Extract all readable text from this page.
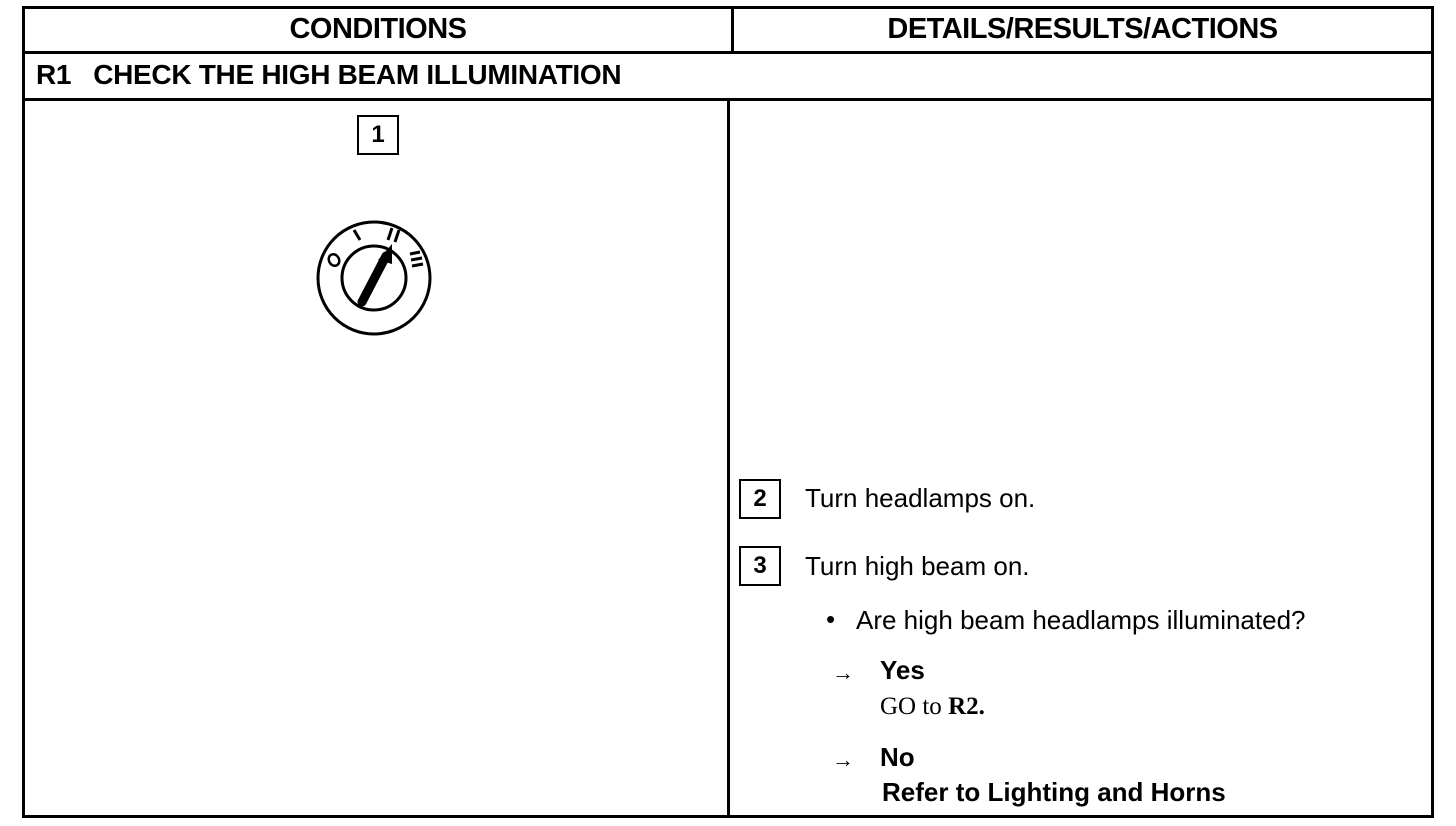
CONDITIONS	DETAILS/RESULTS/ACTIONS
R1 CHECK THE HIGH BEAM ILLUMINATION
1
2	Turn headlamps on.
3	Turn high beam on.
• Are high beam headlamps illuminated?
→ Yes
GO to R2.
→ No
Refer to Lighting and Horns
